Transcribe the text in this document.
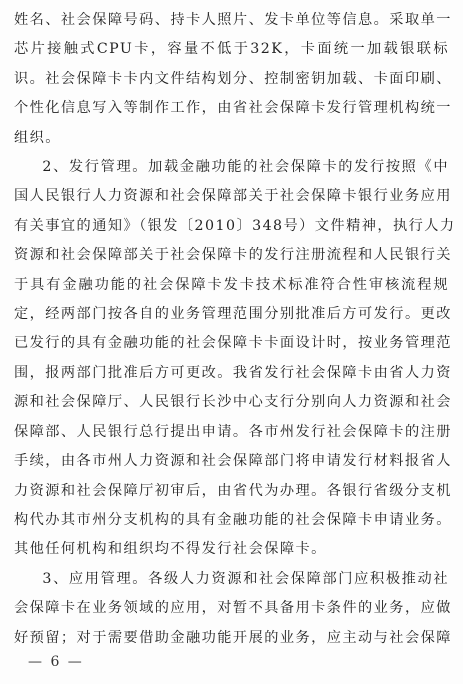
姓名、社会保障号码、持卡人照片、发卡单位等信息。采取单一
芯片接触式CPU卡，容量不低于32K，卡面统一加载银联标
识。社会保障卡卡内文件结构划分、控制密钥加载、卡面印刷、
个性化信息写入等制作工作，由省社会保障卡发行管理机构统一
组织。

2、发行管理。加载金融功能的社会保障卡的发行按照《中
国人民银行人力资源和社会保障部关于社会保障卡银行业务应用
有关事宜的通知》（银发〔2010〕348号）文件精神，执行人力
资源和社会保障部关于社会保障卡的发行注册流程和人民银行关
于具有金融功能的社会保障卡发卡技术标准符合性审核流程规
定，经两部门按各自的业务管理范围分别批准后方可发行。更改
已发行的具有金融功能的社会保障卡卡面设计时，按业务管理范
围，报两部门批准后方可更改。我省发行社会保障卡由省人力资
源和社会保障厅、人民银行长沙中心支行分别向人力资源和社会
保障部、人民银行总行提出申请。各市州发行社会保障卡的注册
手续，由各市州人力资源和社会保障部门将申请发行材料报省人
力资源和社会保障厅初审后，由省代为办理。各银行省级分支机
构代办其市州分支机构的具有金融功能的社会保障卡申请业务。
其他任何机构和组织均不得发行社会保障卡。

3、应用管理。各级人力资源和社会保障部门应积极推动社
会保障卡在业务领域的应用，对暂不具备用卡条件的业务，应做
好预留；对于需要借助金融功能开展的业务，应主动与社会保障

— 6 —
